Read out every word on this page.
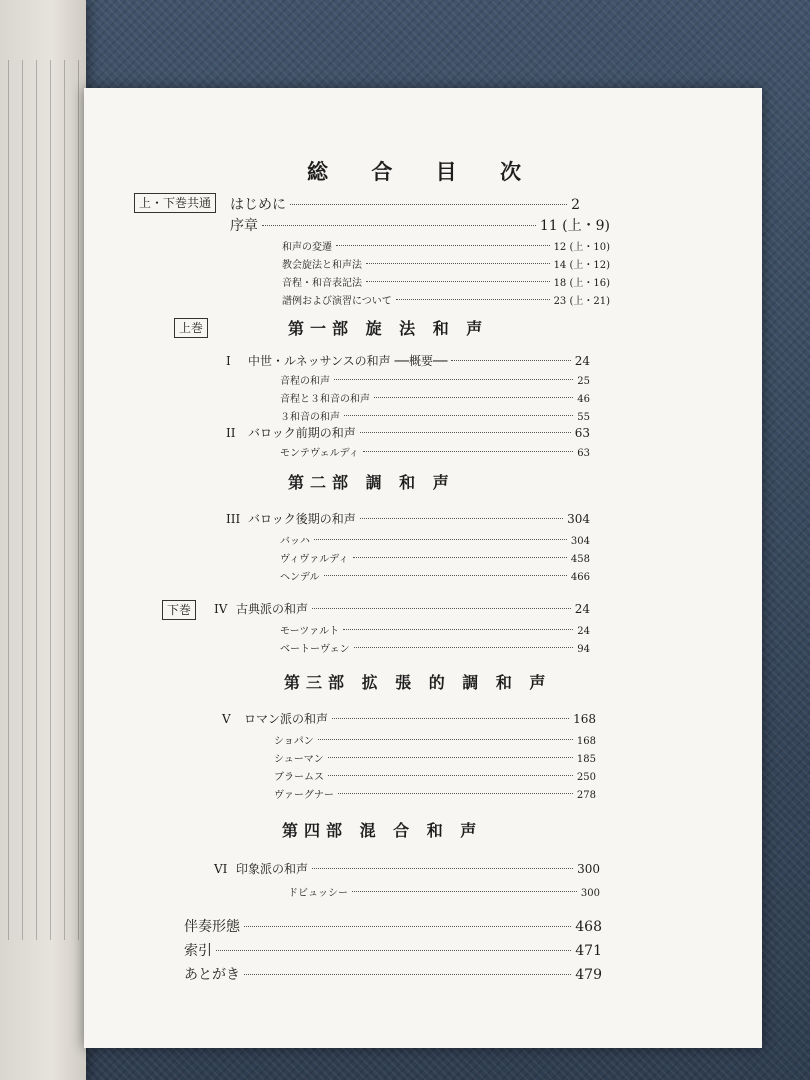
総 合 目 次
上・下巻共通	はじめに	2
序章	11 (上・9)
和声の変遷	12 (上・10)
教会旋法と和声法	14 (上・12)
音程・和音表記法	18 (上・16)
譜例および演習について	23 (上・21)
上巻	第一部 旋 法 和 声
I	中世・ルネッサンスの和声 ──概要──	24
音程の和声	25
音程と３和音の和声	46
３和音の和声	55
II	バロック前期の和声	63
モンテヴェルディ	63
第二部 調 和 声
III バロック後期の和声	304
バッハ	304
ヴィヴァルディ	458
ヘンデル	466
下巻	IV 古典派の和声	24
モーツァルト	24
ベートーヴェン	94
第三部 拡 張 的 調 和 声
V	ロマン派の和声	168
ショパン	168
シューマン	185
ブラームス	250
ヴァーグナー	278
第四部 混 合 和 声
VI 印象派の和声	300
ドビュッシー	300
伴奏形態	468
索引	471
あとがき	479
